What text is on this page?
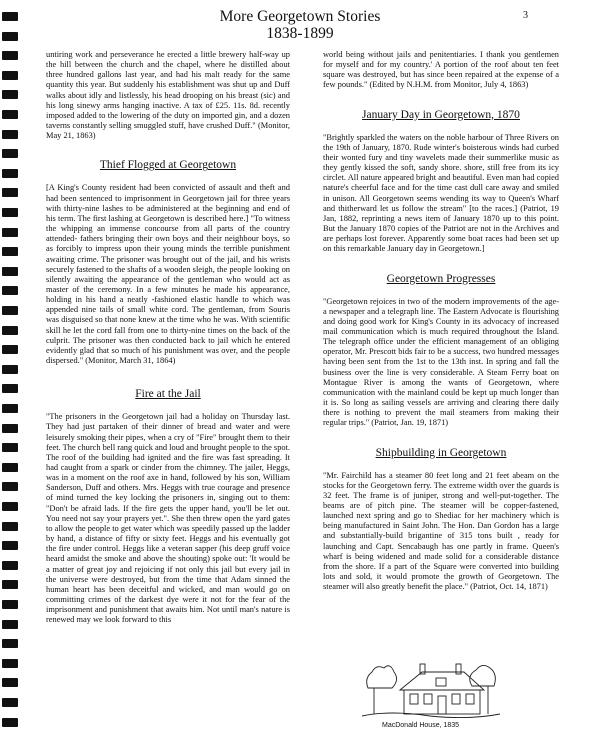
More Georgetown Stories
1838-1899
3

untiring work and perseverance he erected a little brewery half-way up the hill between the church and the chapel, where he distilled about three hundred gallons last year, and had his malt ready for the same quantity this year. But suddenly his establishment was shut up and Duff walks about idly and listlessly, his head drooping on his breast (sic) and his long sinewy arms hanging inactive. A tax of £25. 11s. 8d. recently imposed added to the lowering of the duty on imported gin, and a dozen taverns constantly selling smuggled stuff, have crushed Duff." (Monitor, May 21, 1863)

Thief Flogged at Georgetown

[A King's County resident had been convicted of assault and theft and had been sentenced to imprisonment in Georgetown jail for three years with thirty-nine lashes to be administered at the beginning and end of his term. The first lashing at Georgetown is described here.] "To witness the whipping an immense concourse from all parts of the country attended- fathers bringing their own boys and their neighbour boys, so as forcibly to impress upon their young minds the terrible punishment awaiting crime. The prisoner was brought out of the jail, and his wrists securely fastened to the shafts of a wooden sleigh, the people looking on silently awaiting the appearance of the gentleman who would act as master of the ceremony. In a few minutes he made his appearance, holding in his hand a neatly -fashioned elastic handle to which was appended nine tails of small white cord. The gentleman, from Souris was disguised so that none knew at the time who he was. With scientific skill he let the cord fall from one to thirty-nine times on the back of the culprit. The prisoner was then conducted back to jail which he entered evidently glad that so much of his punishment was over, and the people dispersed." (Monitor, March 31, 1864)

Fire at the Jail

"The prisoners in the Georgetown jail had a holiday on Thursday last. They had just partaken of their dinner of bread and water and were leisurely smoking their pipes, when a cry of "Fire" brought them to their feet. The church bell rang quick and loud and brought people to the spot. The roof of the building had ignited and the fire was fast spreading. It had caught from a spark or cinder from the chimney. The jailer, Heggs, was in a moment on the roof axe in hand, followed by his son, William Sanderson, Duff and others. Mrs. Heggs with true courage and presence of mind turned the key locking the prisoners in, singing out to them: "Don't be afraid lads. If the fire gets the upper hand, you'll be let out. You need not say your prayers yet.". She then threw open the yard gates to allow the people to get water which was speedily passed up the ladder by hand, a distance of fifty or sixty feet. Heggs and his eventually got the fire under control. Heggs like a veteran sapper (his deep gruff voice heard amidst the smoke and above the shouting) spoke out: 'It would be a matter of great joy and rejoicing if not only this jail but every jail in the universe were destroyed, but from the time that Adam sinned the human heart has been deceitful and wicked, and man would go on committing crimes of the darkest dye were it not for the fear of the imprisonment and punishment that awaits him. Not until man's nature is renewed may we look forward to this

world being without jails and penitentiaries. I thank you gentlemen for myself and for my country.' A portion of the roof about ten feet square was destroyed, but has since been repaired at the expense of a few pounds." (Edited by N.H.M. from Monitor, July 4, 1863)

January Day in Georgetown, 1870

"Brightly sparkled the waters on the noble harbour of Three Rivers on the 19th of January, 1870. Rude winter's boisterous winds had curbed their wonted fury and tiny wavelets made their summerlike music as they gently kissed the soft, sandy shore. shore, still free from its icy circlet. All nature appeared bright and beautiful. Even man had copied nature's cheerful face and for the time cast dull care away and smiled in unison. All Georgetown seems wending its way to Queen's Wharf and thitherward let us follow the stream" [to the races.] (Patriot, 19 Jan, 1882, reprinting a news item of January 1870 up to this point. But the January 1870 copies of the Patriot are not in the Archives and are perhaps lost forever. Apparently some boat races had been set up on this remarkable January day in Georgetown.]

Georgetown Progresses

"Georgetown rejoices in two of the modern improvements of the age- a newspaper and a telegraph line. The Eastern Advocate is flourishing and doing good work for King's County in its advocacy of increased mail communication which is much required throughout the Island. The telegraph office under the efficient management of an obliging operator, Mr. Prescott bids fair to be a success, two hundred messages having been sent from the 1st to the 13th inst. In spring and fall the business over the line is very considerable. A Steam Ferry boat on Montague River is among the wants of Georgetown, where communication with the mainland could be kept up much longer than it is. So long as sailing vessels are arriving and clearing there daily there is nothing to prevent the mail steamers from making their regular trips." (Patriot, Jan. 19, 1871)

Shipbuilding in Georgetown

"Mr. Fairchild has a steamer 80 feet long and 21 feet abeam on the stocks for the Georgetown ferry. The extreme width over the guards is 32 feet. The frame is of juniper, strong and well-put-together. The beams are of pitch pine. The steamer will be copper-fastened, launched next spring and go to Shediac for her machinery which is being manufactured in Saint John. The Hon. Dan Gordon has a large and substantially-build brigantine of 315 tons built , ready for launching and Capt. Sencabaugh has one partly in frame. Queen's wharf is being widened and made solid for a considerable distance from the shore. If a part of the Square were converted into building lots and sold, it would promote the growth of Georgetown. The steamer will also greatly benefit the place." (Patriot, Oct. 14, 1871)

MacDonald House, 1835
